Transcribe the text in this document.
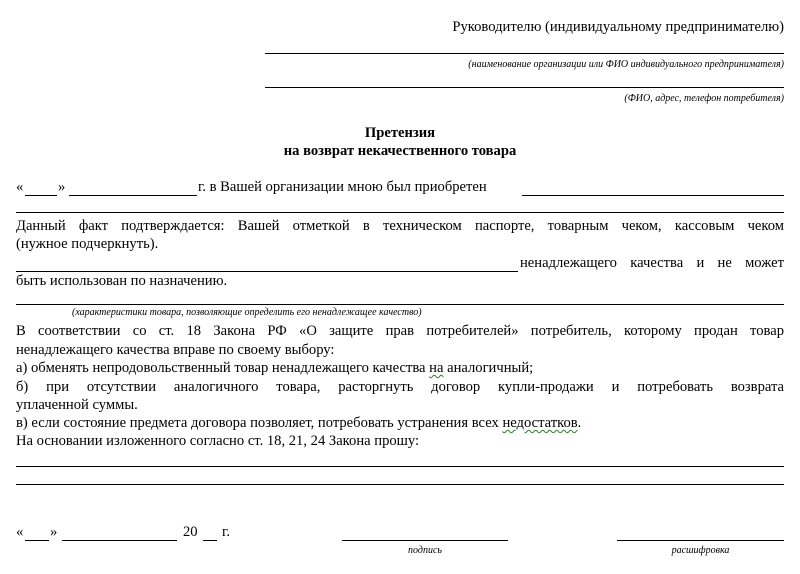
Руководителю (индивидуальному предпринимателю)
(наименование организации или ФИО индивидуального предпринимателя)
(ФИО, адрес, телефон потребителя)
Претензия
на возврат некачественного товара
« »	г. в Вашей организации мною был приобретен
Данный факт подтверждается: Вашей отметкой в техническом паспорте, товарным чеком, кассовым чеком
(нужное подчеркнуть).
ненадлежащего качества и не может
быть использован по назначению.
(характеристики товара, позволяющие определить его ненадлежащее качество)
В соответствии со ст. 18 Закона РФ «О защите прав потребителей» потребитель, которому продан товар
ненадлежащего качества вправе по своему выбору:
а) обменять непродовольственный товар ненадлежащего качества на аналогичный;
б) при отсутствии аналогичного товара, расторгнуть договор купли-продажи и потребовать возврата
уплаченной суммы.
в) если состояние предмета договора позволяет, потребовать устранения всех недостатков.
На основании изложенного согласно ст. 18, 21, 24 Закона прошу:
« »	20 г.
подпись	расшифровка
